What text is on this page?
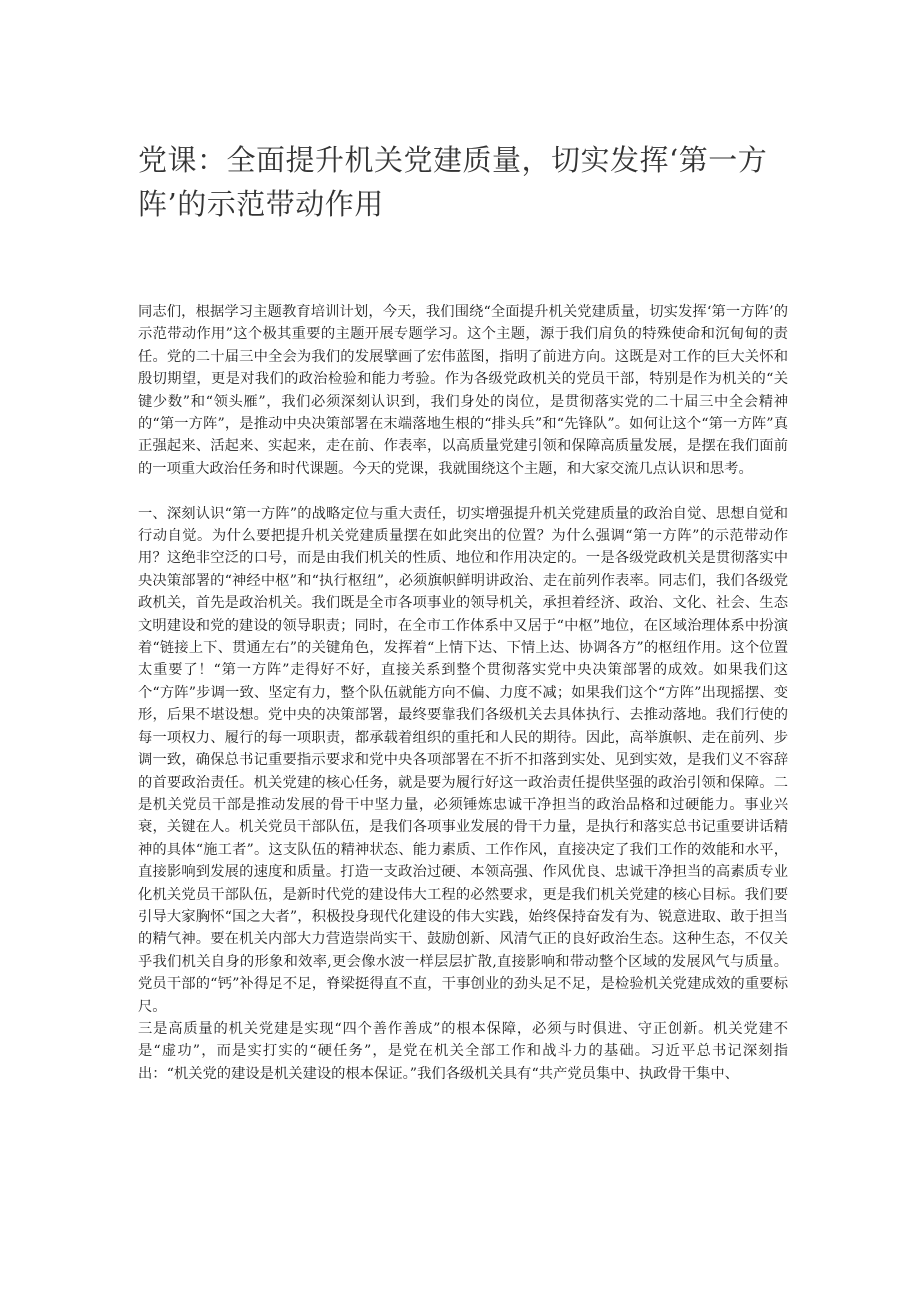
党课：全面提升机关党建质量，切实发挥‘第一方阵’的示范带动作用

同志们，根据学习主题教育培训计划，今天，我们围绕“全面提升机关党建质量，切实发挥‘第一方阵’的示范带动作用”这个极其重要的主题开展专题学习。这个主题，源于我们肩负的特殊使命和沉甸甸的责任。党的二十届三中全会为我们的发展擘画了宏伟蓝图，指明了前进方向。这既是对工作的巨大关怀和殷切期望，更是对我们的政治检验和能力考验。作为各级党政机关的党员干部，特别是作为机关的“关键少数”和“领头雁”，我们必须深刻认识到，我们身处的岗位，是贯彻落实党的二十届三中全会精神的“第一方阵”，是推动中央决策部署在末端落地生根的“排头兵”和“先锋队”。如何让这个“第一方阵”真正强起来、活起来、实起来，走在前、作表率，以高质量党建引领和保障高质量发展，是摆在我们面前的一项重大政治任务和时代课题。今天的党课，我就围绕这个主题，和大家交流几点认识和思考。

一、深刻认识“第一方阵”的战略定位与重大责任，切实增强提升机关党建质量的政治自觉、思想自觉和行动自觉。为什么要把提升机关党建质量摆在如此突出的位置？为什么强调“第一方阵”的示范带动作用？这绝非空泛的口号，而是由我们机关的性质、地位和作用决定的。一是各级党政机关是贯彻落实中央决策部署的“神经中枢”和“执行枢纽”，必须旗帜鲜明讲政治、走在前列作表率。同志们，我们各级党政机关，首先是政治机关。我们既是全市各项事业的领导机关，承担着经济、政治、文化、社会、生态文明建设和党的建设的领导职责；同时，在全市工作体系中又居于“中枢”地位，在区域治理体系中扮演着“链接上下、贯通左右”的关键角色，发挥着“上情下达、下情上达、协调各方”的枢纽作用。这个位置太重要了！“第一方阵”走得好不好，直接关系到整个贯彻落实党中央决策部署的成效。如果我们这个“方阵”步调一致、坚定有力，整个队伍就能方向不偏、力度不减；如果我们这个“方阵”出现摇摆、变形，后果不堪设想。党中央的决策部署，最终要靠我们各级机关去具体执行、去推动落地。我们行使的每一项权力、履行的每一项职责，都承载着组织的重托和人民的期待。因此，高举旗帜、走在前列、步调一致，确保总书记重要指示要求和党中央各项部署在不折不扣落到实处、见到实效，是我们义不容辞的首要政治责任。机关党建的核心任务，就是要为履行好这一政治责任提供坚强的政治引领和保障。二是机关党员干部是推动发展的骨干中坚力量，必须锤炼忠诚干净担当的政治品格和过硬能力。事业兴衰，关键在人。机关党员干部队伍，是我们各项事业发展的骨干力量，是执行和落实总书记重要讲话精神的具体“施工者”。这支队伍的精神状态、能力素质、工作作风，直接决定了我们工作的效能和水平，直接影响到发展的速度和质量。打造一支政治过硬、本领高强、作风优良、忠诚干净担当的高素质专业化机关党员干部队伍，是新时代党的建设伟大工程的必然要求，更是我们机关党建的核心目标。我们要引导大家胸怀“国之大者”，积极投身现代化建设的伟大实践，始终保持奋发有为、锐意进取、敢于担当的精气神。要在机关内部大力营造崇尚实干、鼓励创新、风清气正的良好政治生态。这种生态，不仅关乎我们机关自身的形象和效率,更会像水波一样层层扩散,直接影响和带动整个区域的发展风气与质量。党员干部的“钙”补得足不足，脊梁挺得直不直，干事创业的劲头足不足，是检验机关党建成效的重要标尺。

三是高质量的机关党建是实现“四个善作善成”的根本保障，必须与时俱进、守正创新。机关党建不是“虚功”，而是实打实的“硬任务”，是党在机关全部工作和战斗力的基础。习近平总书记深刻指出：“机关党的建设是机关建设的根本保证。”我们各级机关具有“共产党员集中、执政骨干集中、
